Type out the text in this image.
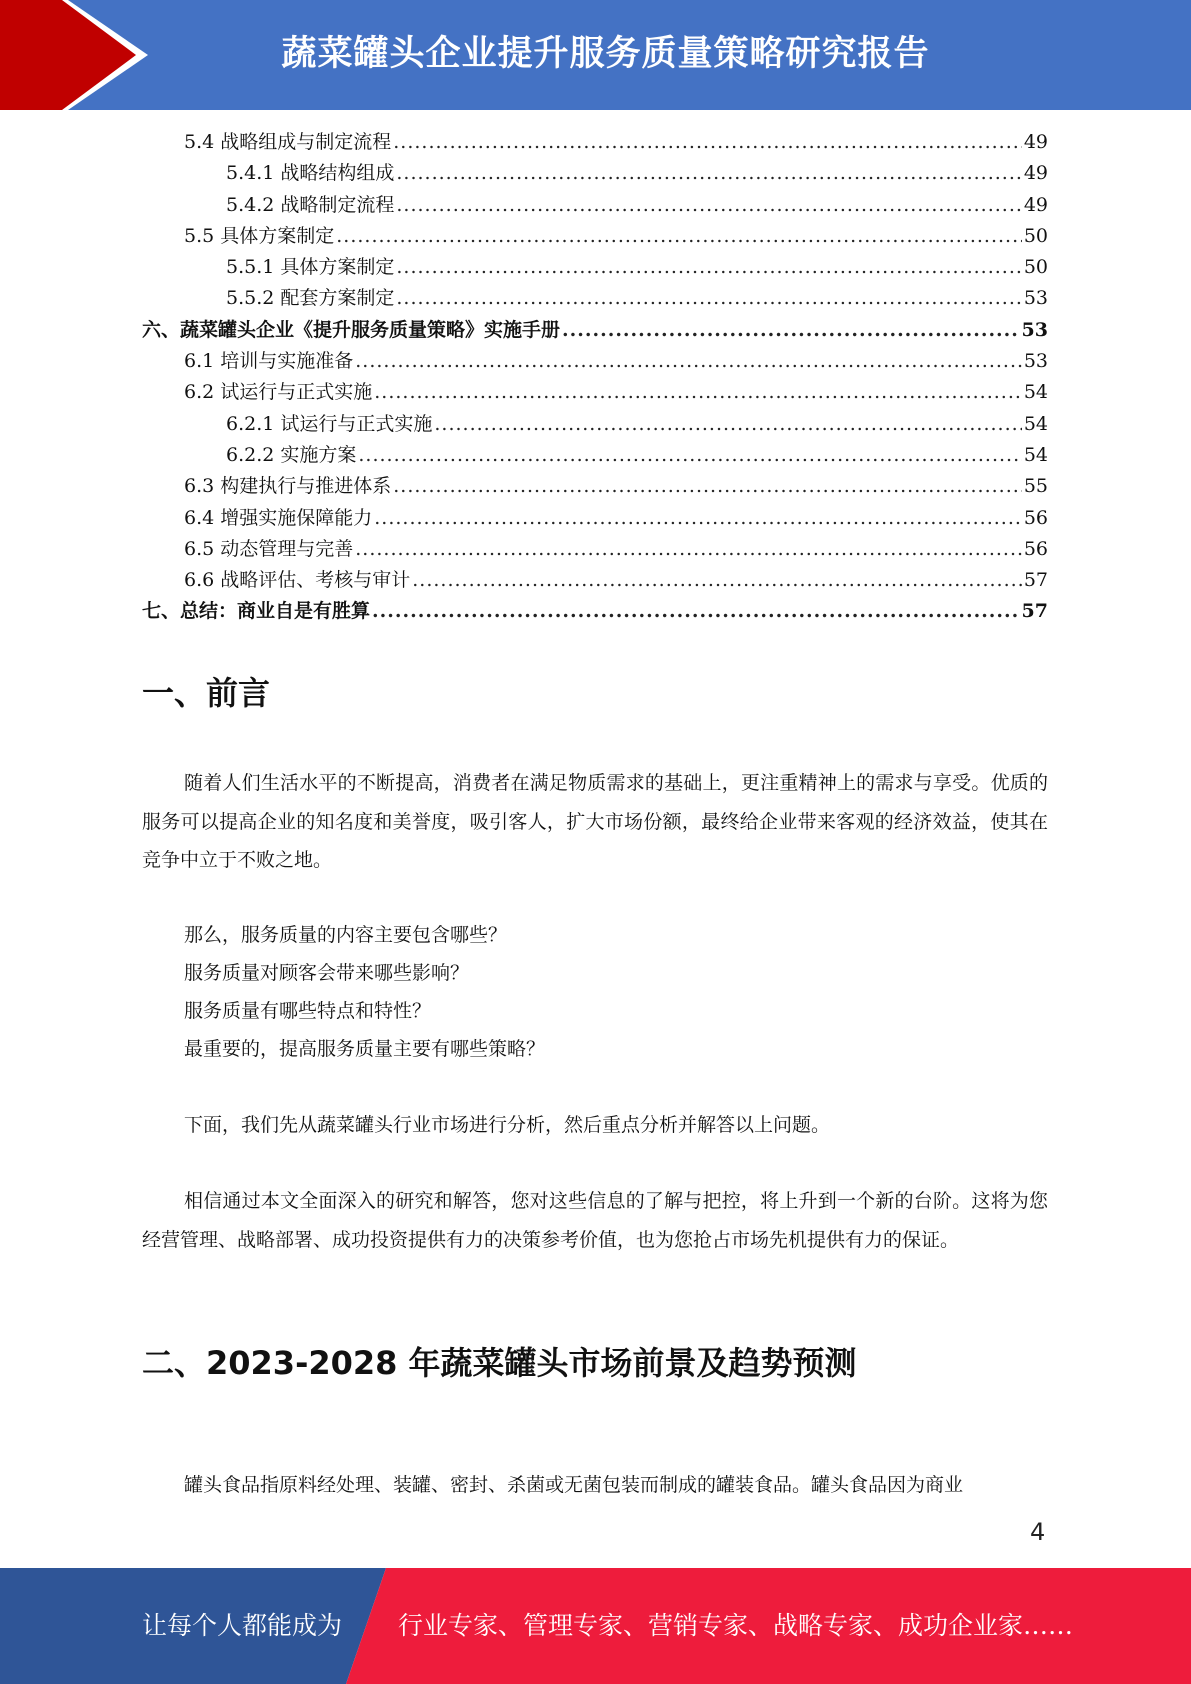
蔬菜罐头企业提升服务质量策略研究报告
5.4 战略组成与制定流程 .....	49
5.4.1 战略结构组成 .....	49
5.4.2 战略制定流程 .....	49
5.5 具体方案制定 .....	50
5.5.1 具体方案制定 .....	50
5.5.2 配套方案制定 .....	53
六、蔬菜罐头企业《提升服务质量策略》实施手册 .....	53
6.1 培训与实施准备 .....	53
6.2 试运行与正式实施 .....	54
6.2.1 试运行与正式实施 .....	54
6.2.2 实施方案 .....	54
6.3 构建执行与推进体系 .....	55
6.4 增强实施保障能力 .....	56
6.5 动态管理与完善 .....	56
6.6 战略评估、考核与审计 .....	57
七、总结：商业自是有胜算 .....	57
一、前言

随着人们生活水平的不断提高，消费者在满足物质需求的基础上，更注重精神上的需求与享受。优质的服务可以提高企业的知名度和美誉度，吸引客人，扩大市场份额，最终给企业带来客观的经济效益，使其在竞争中立于不败之地。

那么，服务质量的内容主要包含哪些？

服务质量对顾客会带来哪些影响？

服务质量有哪些特点和特性？

最重要的，提高服务质量主要有哪些策略？

下面，我们先从蔬菜罐头行业市场进行分析，然后重点分析并解答以上问题。

相信通过本文全面深入的研究和解答，您对这些信息的了解与把控，将上升到一个新的台阶。这将为您经营管理、战略部署、成功投资提供有力的决策参考价值，也为您抢占市场先机提供有力的保证。

二、2023-2028 年蔬菜罐头市场前景及趋势预测

罐头食品指原料经处理、装罐、密封、杀菌或无菌包装而制成的罐装食品。罐头食品因为商业

4
让每个人都能成为 行业专家、管理专家、营销专家、战略专家、成功企业家……
